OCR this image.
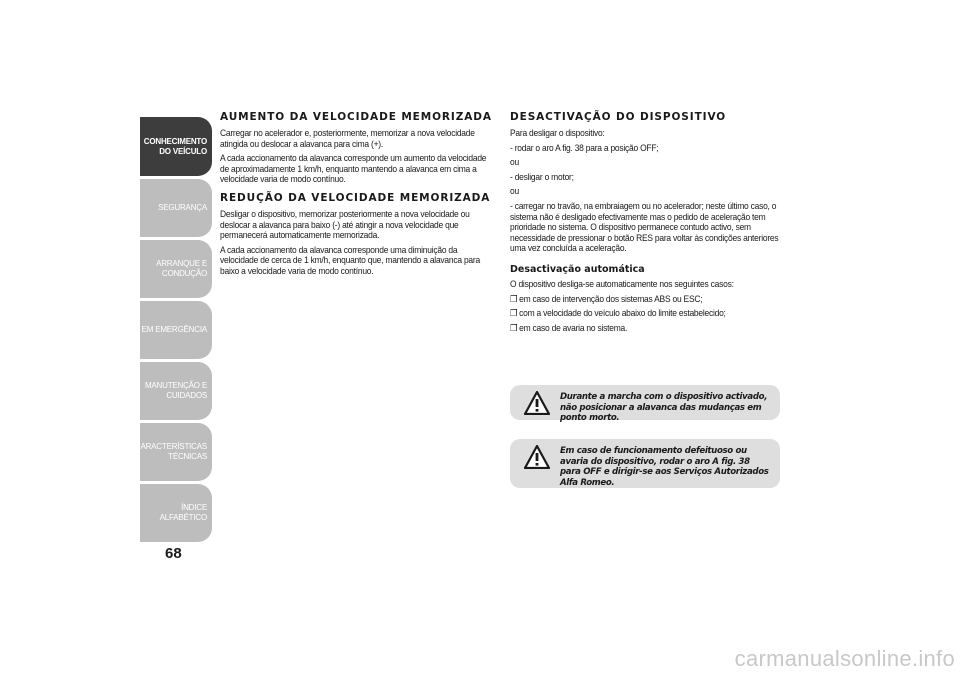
CONHECIMENTO
DO VEÍCULO
SEGURANÇA
ARRANQUE E
CONDUÇÃO
EM EMERGÊNCIA
MANUTENÇÃO E
CUIDADOS
CARACTERÍSTICAS
TÉCNICAS
ÍNDICE ALFABÉTICO
68
AUMENTO DA VELOCIDADE MEMORIZADA

Carregar no acelerador e, posteriormente, memorizar a nova velocidade atingida ou deslocar a alavanca para cima (+).

A cada accionamento da alavanca corresponde um aumento da velocidade de aproximadamente 1 km/h, enquanto mantendo a alavanca em cima a velocidade varia de modo contínuo.

REDUÇÃO DA VELOCIDADE MEMORIZADA

Desligar o dispositivo, memorizar posteriormente a nova velocidade ou deslocar a alavanca para baixo (-) até atingir a nova velocidade que permanecerá automaticamente memorizada.

A cada accionamento da alavanca corresponde uma diminuição da velocidade de cerca de 1 km/h, enquanto que, mantendo a alavanca para baixo a velocidade varia de modo contínuo.

DESACTIVAÇÃO DO DISPOSITIVO

Para desligar o dispositivo:

- rodar o aro A fig. 38 para a posição OFF;

ou

- desligar o motor;

ou

- carregar no travão, na embraiagem ou no acelerador; neste último caso, o sistema não é desligado efectivamente mas o pedido de aceleração tem prioridade no sistema. O dispositivo permanece contudo activo, sem necessidade de pressionar o botão RES para voltar às condições anteriores uma vez concluída a aceleração.

Desactivação automática

O dispositivo desliga-se automaticamente nos seguintes casos:

❒ em caso de intervenção dos sistemas ABS ou ESC;

❒ com a velocidade do veículo abaixo do limite estabelecido;

❒ em caso de avaria no sistema.

Durante a marcha com o dispositivo activado, não posicionar a alavanca das mudanças em ponto morto.
Em caso de funcionamento defeituoso ou avaria do dispositivo, rodar o aro A fig. 38 para OFF e dirigir-se aos Serviços Autorizados Alfa Romeo.
carmanualsonline.info
